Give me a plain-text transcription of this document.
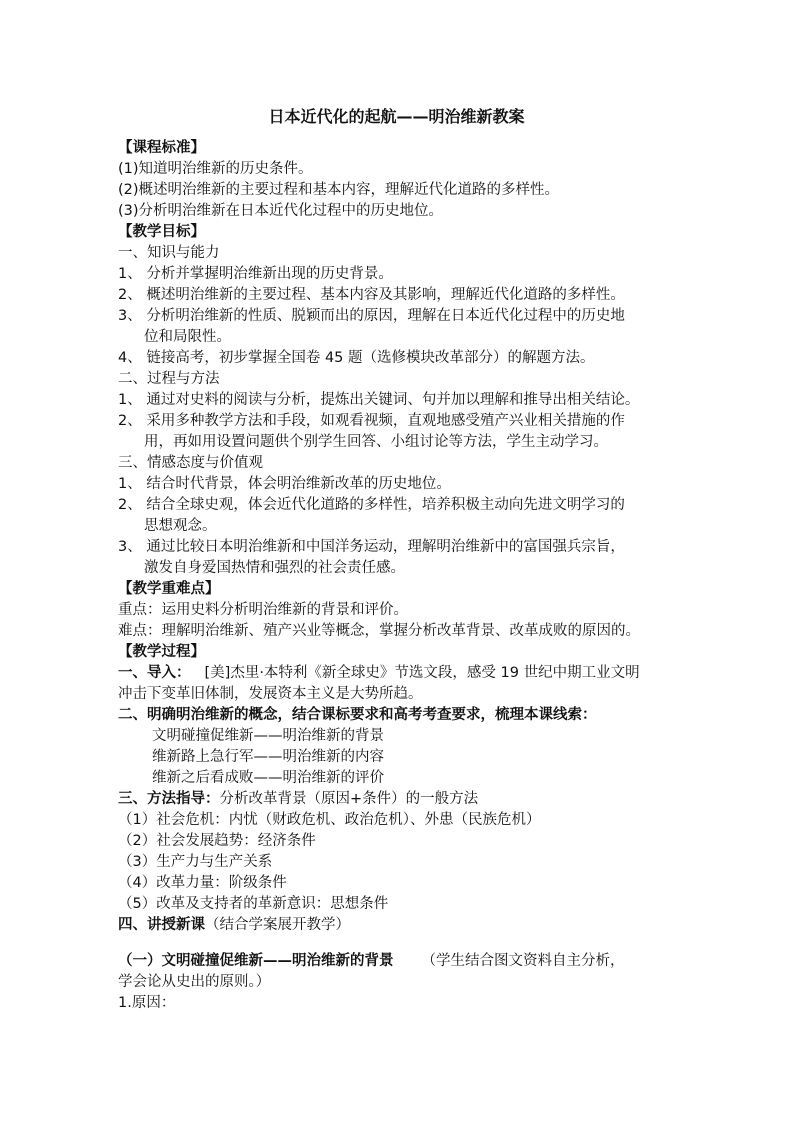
日本近代化的起航——明治维新教案
【课程标准】
(1)知道明治维新的历史条件。
(2)概述明治维新的主要过程和基本内容，理解近代化道路的多样性。
(3)分析明治维新在日本近代化过程中的历史地位。
【教学目标】
一、知识与能力
1、 分析并掌握明治维新出现的历史背景。
2、 概述明治维新的主要过程、基本内容及其影响，理解近代化道路的多样性。
3、 分析明治维新的性质、脱颖而出的原因，理解在日本近代化过程中的历史地
位和局限性。
4、 链接高考，初步掌握全国卷 45 题（选修模块改革部分）的解题方法。
二、过程与方法
1、 通过对史料的阅读与分析，提炼出关键词、句并加以理解和推导出相关结论。
2、 采用多种教学方法和手段，如观看视频，直观地感受殖产兴业相关措施的作
用，再如用设置问题供个别学生回答、小组讨论等方法，学生主动学习。
三、情感态度与价值观
1、 结合时代背景，体会明治维新改革的历史地位。
2、 结合全球史观，体会近代化道路的多样性，培养积极主动向先进文明学习的
思想观念。
3、 通过比较日本明治维新和中国洋务运动，理解明治维新中的富国强兵宗旨，
激发自身爱国热情和强烈的社会责任感。
【教学重难点】
重点：运用史料分析明治维新的背景和评价。
难点：理解明治维新、殖产兴业等概念，掌握分析改革背景、改革成败的原因的。
【教学过程】
一、导入： [美]杰里·本特利《新全球史》节选文段，感受 19 世纪中期工业文明
冲击下变革旧体制，发展资本主义是大势所趋。
二、明确明治维新的概念，结合课标要求和高考考查要求，梳理本课线索：
文明碰撞促维新——明治维新的背景
维新路上急行军——明治维新的内容
维新之后看成败——明治维新的评价
三、方法指导：分析改革背景（原因+条件）的一般方法
（1）社会危机：内忧（财政危机、政治危机）、外患（民族危机）
（2）社会发展趋势：经济条件
（3）生产力与生产关系
（4）改革力量：阶级条件
（5）改革及支持者的革新意识：思想条件
四、讲授新课（结合学案展开教学）
（一）文明碰撞促维新——明治维新的背景 （学生结合图文资料自主分析，
学会论从史出的原则。）
1.原因：
